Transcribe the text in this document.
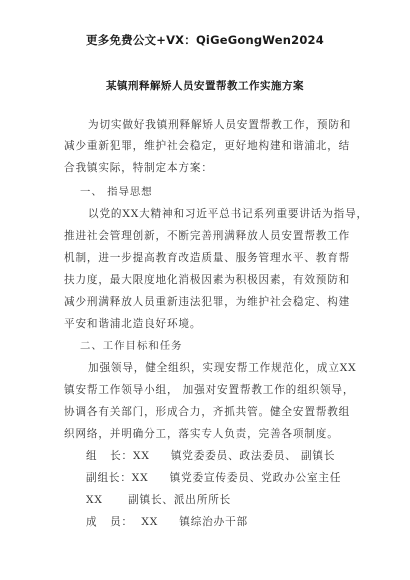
更多免费公文+VX：QiGeGongWen2024
某镇刑释解矫人员安置帮教工作实施方案
为切实做好我镇刑释解矫人员安置帮教工作，预防和
减少重新犯罪，维护社会稳定，更好地构建和谐浦北，结
合我镇实际，特制定本方案：
一、 指导思想
以党的XX大精神和习近平总书记系列重要讲话为指导，
推进社会管理创新，不断完善刑满释放人员安置帮教工作
机制，进一步提高教育改造质量、服务管理水平、教育帮
扶力度，最大限度地化消极因素为积极因素，有效预防和
减少刑满释放人员重新违法犯罪，为维护社会稳定、构建
平安和谐浦北造良好环境。
二、工作目标和任务
加强领导，健全组织，实现安帮工作规范化，成立XX
镇安帮工作领导小组， 加强对安置帮教工作的组织领导，
协调各有关部门，形成合力，齐抓共管。健全安置帮教组
织网络，并明确分工，落实专人负责，完善各项制度。
组   长：XX     镇党委委员、政法委员、 副镇长
副组长：XX     镇党委宣传委员、党政办公室主任
XX      副镇长、派出所所长
成   员：  XX     镇综治办干部
